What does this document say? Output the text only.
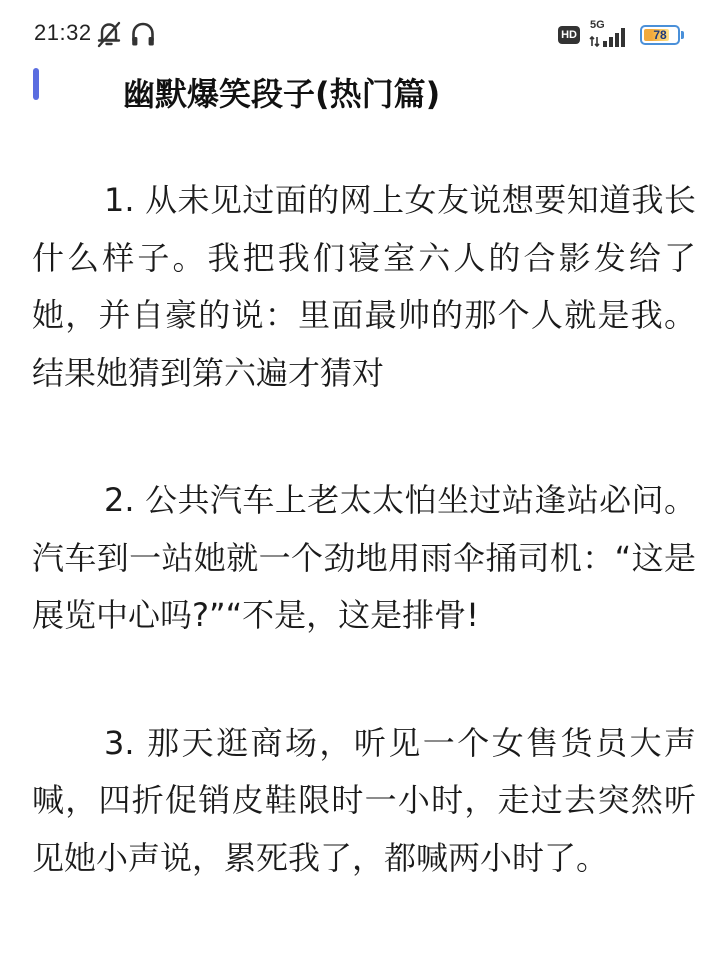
21:32	HD
5G
78
幽默爆笑段子(热门篇)

1. 从未见过面的网上女友说想要知道我长什么样子。我把我们寝室六人的合影发给了她，并自豪的说：里面最帅的那个人就是我。结果她猜到第六遍才猜对

2. 公共汽车上老太太怕坐过站逢站必问。汽车到一站她就一个劲地用雨伞捅司机：“这是展览中心吗?”“不是，这是排骨!

3. 那天逛商场，听见一个女售货员大声喊，四折促销皮鞋限时一小时，走过去突然听见她小声说，累死我了，都喊两小时了。
